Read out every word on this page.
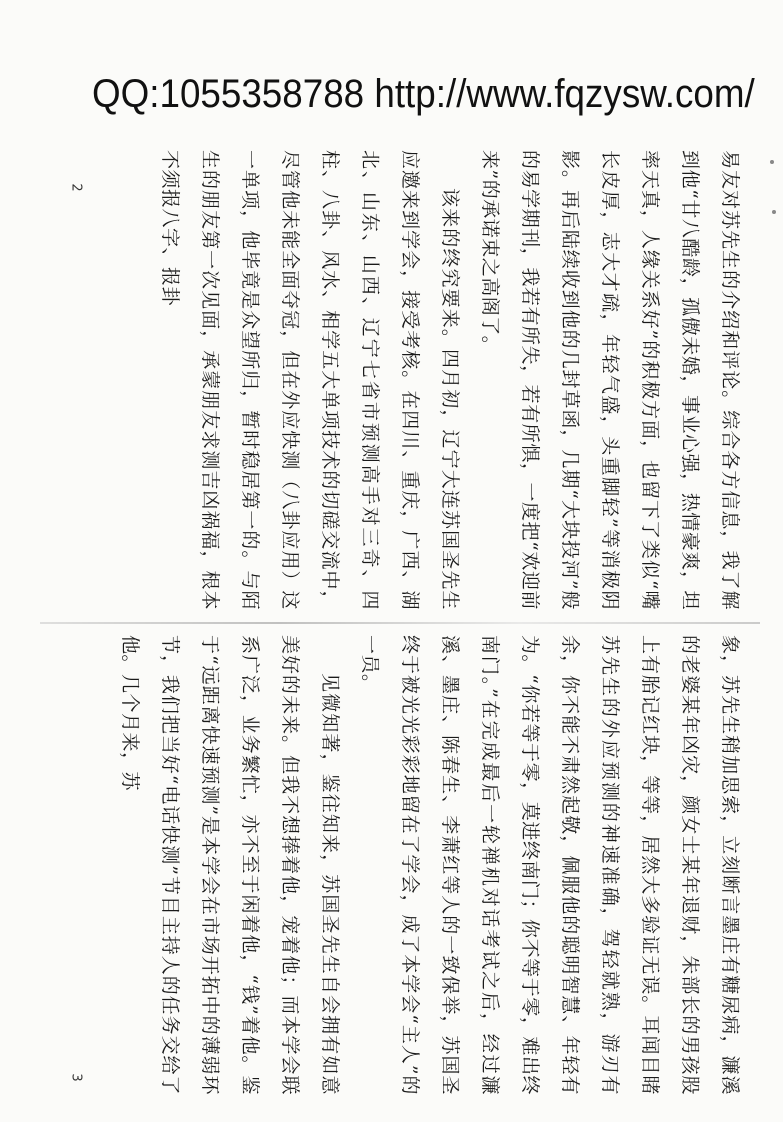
QQ:1055358788 http://www.fqzysw.com/

易友对苏先生的介绍和评论。综合各方信息，我了解到他“廿八酷龄，孤傲未婚，事业心强，热情豪爽，坦率天真，人缘关系好”的积极方面，也留下了类似“嘴长皮厚，志大才疏，年轻气盛，头重脚轻”等消极阴影。再后陆续收到他的几封草函，几期“大块投河”般的易学期刊，我若有所失，若有所惧，一度把“欢迎前来”的承诺束之高阁了。

该来的终究要来。四月初，辽宁大连苏国圣先生应邀来到学会，接受考核。在四川、重庆，广西、湖北、山东、山西、辽宁七省市预测高手对三奇、四柱、八卦、风水、相学五大单项技术的切磋交流中，尽管他未能全面夺冠，但在外应快测（八卦应用）这一单项，他毕竟是众望所归，暂时稳居第一的。与陌生的朋友第一次见面，承蒙朋友求测吉凶祸福，根本不须报八字、报卦

2

象，苏先生稍加思索，立刻断言墨庄有糖尿病，濂溪的老婆某年凶灾，颜女士某年退财，朱部长的男孩股上有胎记红块，等等，居然大多验证无误。耳闻目睹苏先生的外应预测的神速准确，驾轻就熟，游刃有余，你不能不肃然起敬，佩服他的聪明智慧、年轻有为。“你若等于零，莫进终南门；你不等于零，难出终南门。”在完成最后一轮禅机对话考试之后，经过濂溪、墨庄、陈春生、李萧红等人的一致保举，苏国圣终于被光光彩彩地留在了学会，成了本学会“主人”的一员。

见微知著，鉴往知来，苏国圣先生自会拥有如意美好的未来。但我不想捧着他，宠着他；而本学会联系广泛，业务繁忙，亦不至于闲着他，“钱”着他。鉴于“远距离快速预测”是本学会在市场开拓中的薄弱环节，我们把当好“电话快测”节目主持人的任务交给了他。几个月来，苏

3
